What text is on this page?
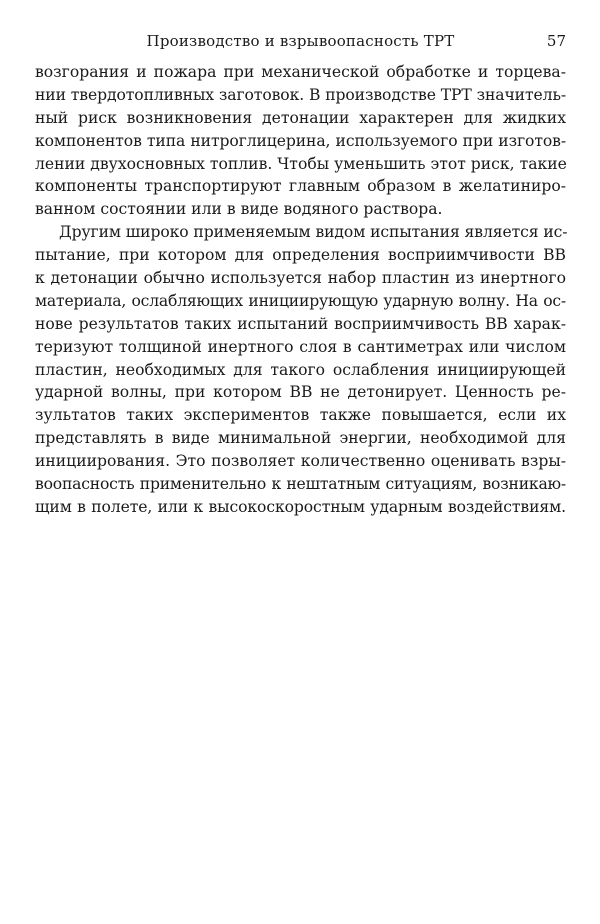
Производство и взрывоопасность ТРТ	57
возгорания и пожара при механической обработке и торцева-
нии твердотопливных заготовок. В производстве ТРТ значитель-
ный риск возникновения детонации характерен для жидких
компонентов типа нитроглицерина, используемого при изготов-
лении двухосновных топлив. Чтобы уменьшить этот риск, такие
компоненты транспортируют главным образом в желатиниро-
ванном состоянии или в виде водяного раствора.
Другим широко применяемым видом испытания является ис-
пытание, при котором для определения восприимчивости ВВ
к детонации обычно используется набор пластин из инертного
материала, ослабляющих инициирующую ударную волну. На ос-
нове результатов таких испытаний восприимчивость ВВ харак-
теризуют толщиной инертного слоя в сантиметрах или числом
пластин, необходимых для такого ослабления инициирующей
ударной волны, при котором ВВ не детонирует. Ценность ре-
зультатов таких экспериментов также повышается, если их
представлять в виде минимальной энергии, необходимой для
инициирования. Это позволяет количественно оценивать взры-
воопасность применительно к нештатным ситуациям, возникаю-
щим в полете, или к высокоскоростным ударным воздействиям.
